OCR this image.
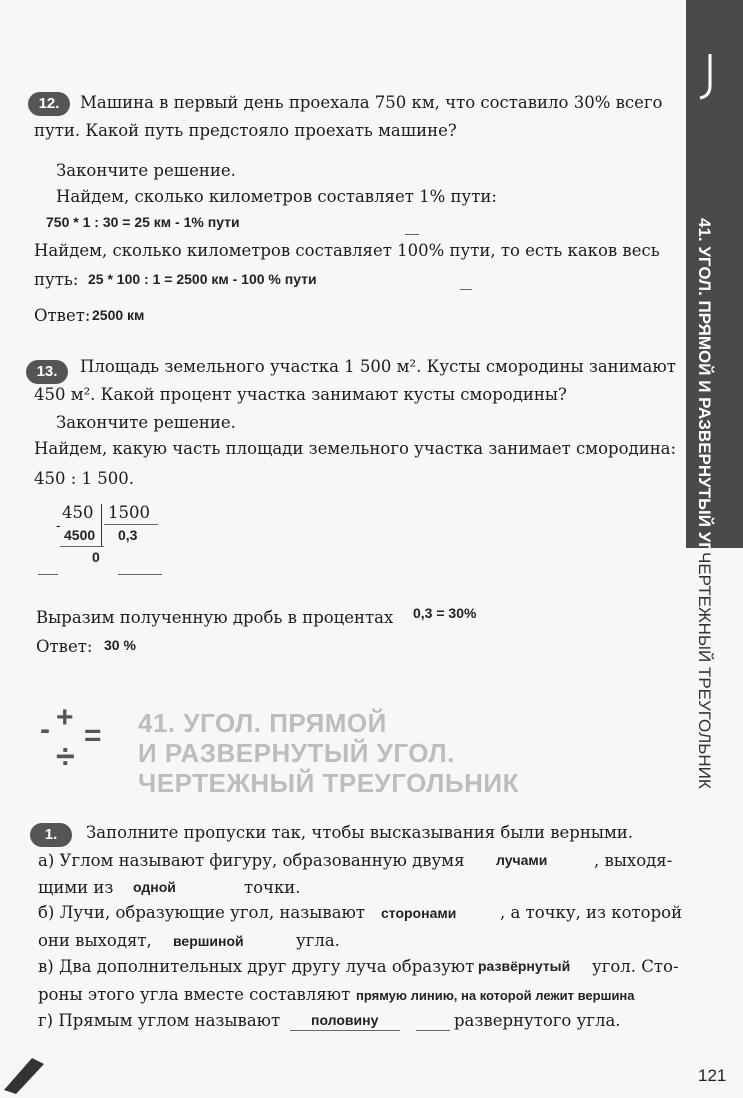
41. УГОЛ. ПРЯМОЙ И РАЗВЕРНУТЫЙ УГОЛ.
ЧЕРТЕЖНЫЙ ТРЕУГОЛЬНИК
12.	Машина в первый день проехала 750 км, что составило 30% всего
пути. Какой путь предстояло проехать машине?
Закончите решение.
Найдем, сколько километров составляет 1% пути:
750 * 1 : 30 = 25 км - 1% пути
Найдем, сколько километров составляет 100% пути, то есть каков весь
путь: 25 * 100 : 1 = 2500 км - 100 % пути
Ответ: 2500 км
13.	Площадь земельного участка 1 500 м². Кусты смородины занимают
450 м². Какой процент участка занимают кусты смородины?
Закончите решение.
Найдем, какую часть площади земельного участка занимает смородина:
450 : 1 500.
450 1500
-
4500 0,3
0
Выразим полученную дробь в процентах 0,3 = 30%
Ответ: 30 %
- +
=
÷
41. УГОЛ. ПРЯМОЙ
И РАЗВЕРНУТЫЙ УГОЛ.
ЧЕРТЕЖНЫЙ ТРЕУГОЛЬНИК
1.	Заполните пропуски так, чтобы высказывания были верными.
а) Углом называют фигуру, образованную двумя лучами	, выходя-
щими из одной	точки.
б) Лучи, образующие угол, называют сторонами	, а точку, из которой
они выходят, вершиной	угла.
в) Два дополнительных друг другу луча образуют развёрнутый угол. Сто-
роны этого угла вместе составляют прямую линию, на которой лежит вершина
г) Прямым углом называют половину	развернутого угла.
121
